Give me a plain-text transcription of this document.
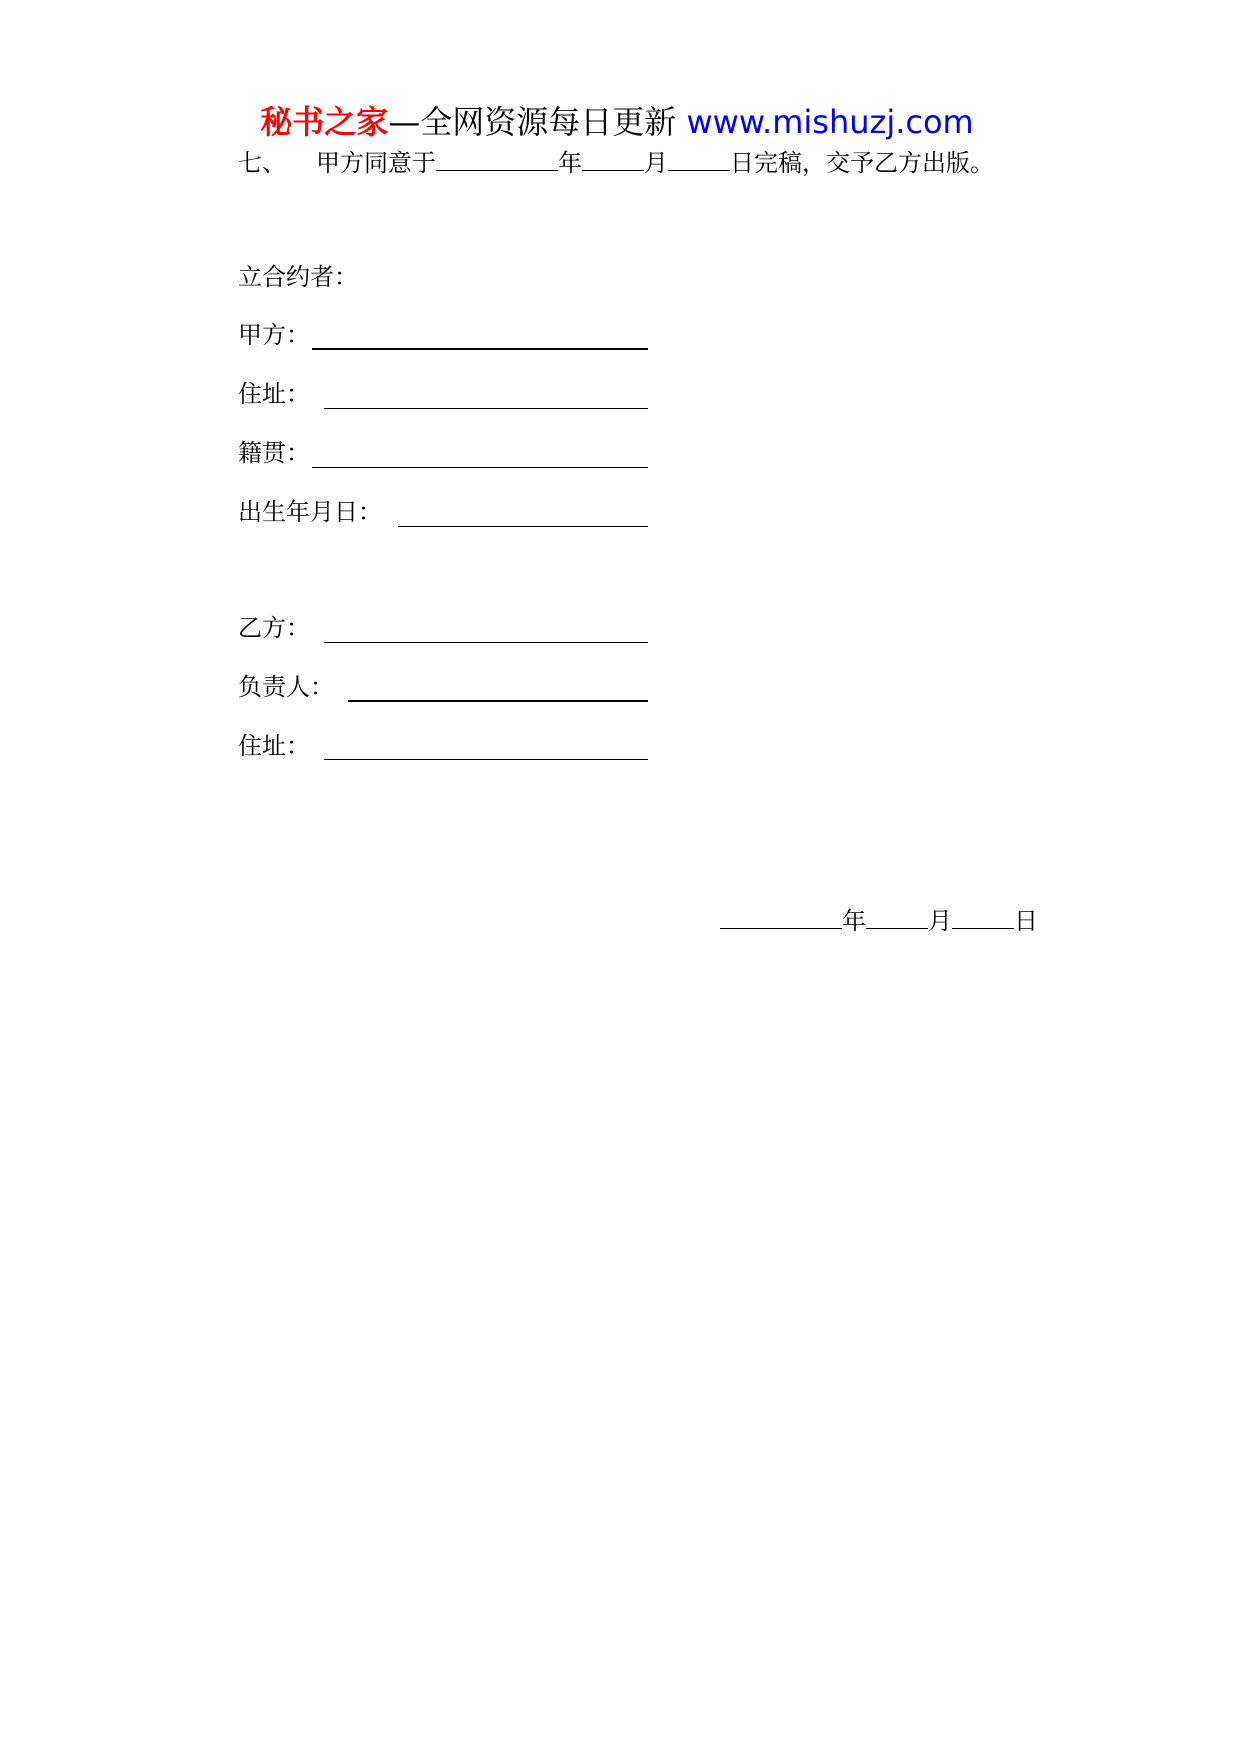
秘书之家—全网资源每日更新 www.mishuzj.com
七、 甲方同意于	年	月	日完稿，交予乙方出版。
立合约者：
甲方：
住址：
籍贯：
出生年月日：
乙方：
负责人：
住址：
年	月	日
